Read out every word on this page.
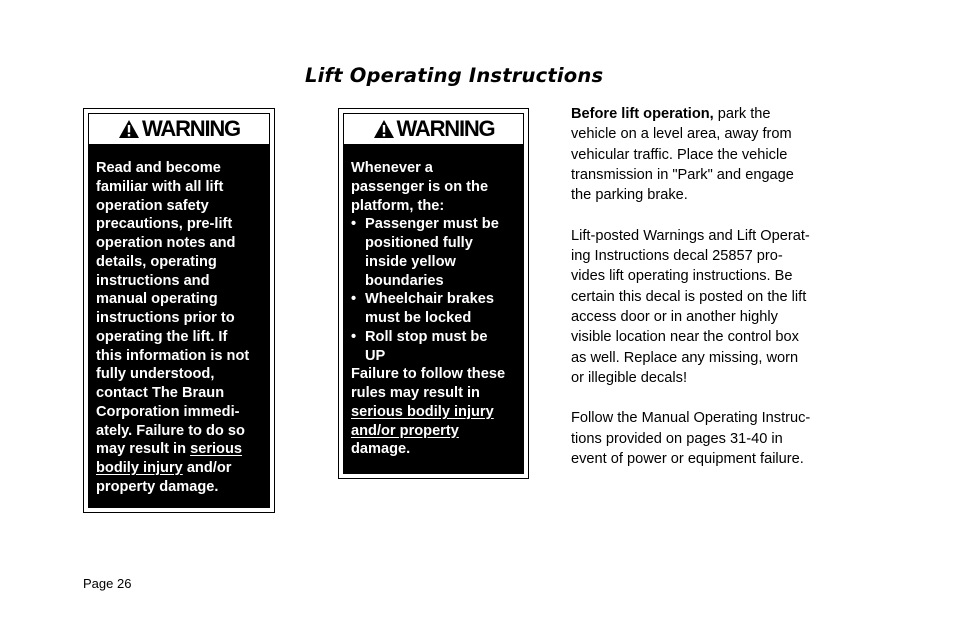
Lift Operating Instructions
WARNING
Read and become
familiar with all lift
operation safety
precautions, pre-lift
operation notes and
details, operating
instructions and
manual operating
instructions prior to
operating the lift. If
this information is not
fully understood,
contact The Braun
Corporation immedi-
ately. Failure to do so
may result in serious
bodily injury and/or
property damage.
WARNING
Whenever a
passenger is on the
platform, the:
• Passenger must be
positioned fully
inside yellow
boundaries
• Wheelchair brakes
must be locked
• Roll stop must be
UP
Failure to follow these
rules may result in
serious bodily injury
and/or property
damage.

Before lift operation, park the
vehicle on a level area, away from
vehicular traffic. Place the vehicle
transmission in "Park" and engage
the parking brake.

Lift-posted Warnings and Lift Operat-
ing Instructions decal 25857 pro-
vides lift operating instructions. Be
certain this decal is posted on the lift
access door or in another highly
visible location near the control box
as well. Replace any missing, worn
or illegible decals!

Follow the Manual Operating Instruc-
tions provided on pages 31-40 in
event of power or equipment failure.

Page 26
